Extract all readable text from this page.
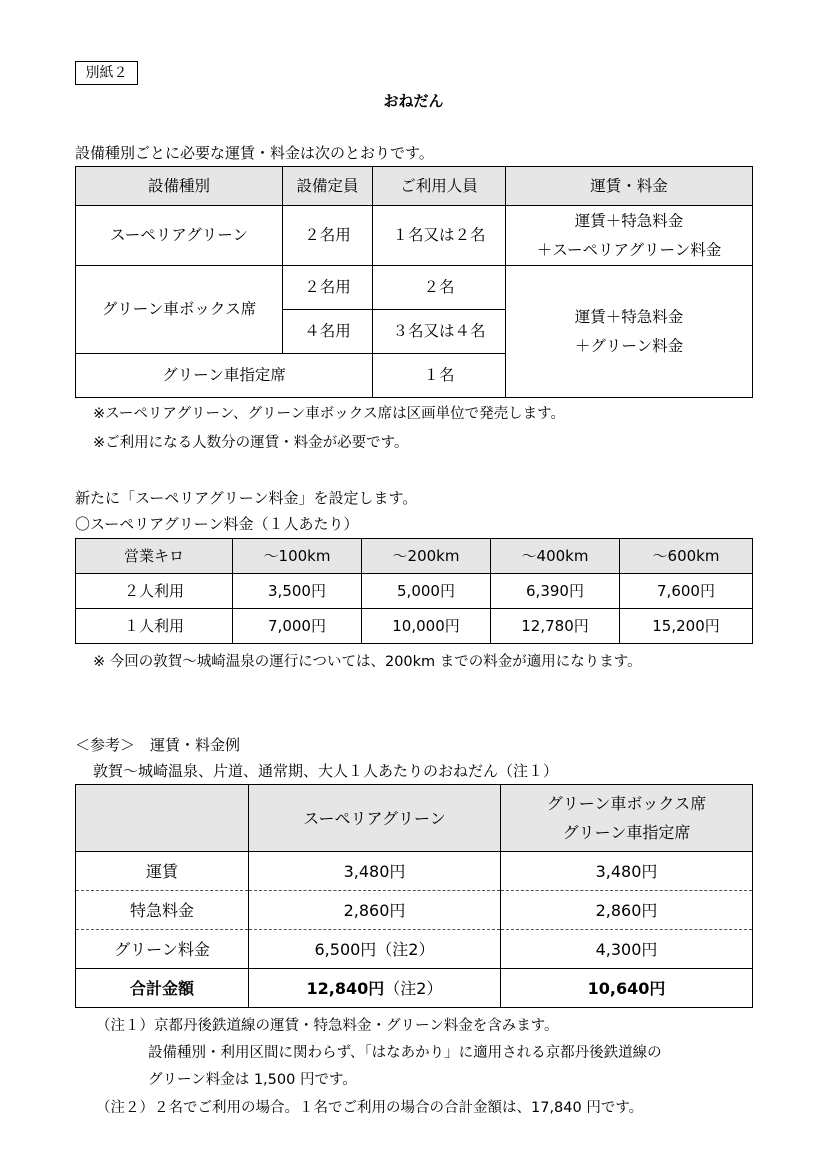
別紙２
おねだん
設備種別ごとに必要な運賃・料金は次のとおりです。
設備種別	設備定員	ご利用人員	運賃・料金
スーペリアグリーン	２名用	１名又は２名	運賃＋特急料金
＋スーペリアグリーン料金

グリーン車ボックス席	２名用	２名	運賃＋特急料金
＋グリーン料金

	４名用	３名又は４名	
グリーン車指定席		１名	
※スーペリアグリーン、グリーン車ボックス席は区画単位で発売します。
※ご利用になる人数分の運賃・料金が必要です。
新たに「スーペリアグリーン料金」を設定します。
〇スーペリアグリーン料金（１人あたり）
営業キロ	～100km	～200km	～400km	～600km
２人利用	3,500円	5,000円	6,390円	7,600円
１人利用	7,000円	10,000円	12,780円	15,200円
※ 今回の敦賀～城崎温泉の運行については、200km までの料金が適用になります。
＜参考＞　運賃・料金例
敦賀～城崎温泉、片道、通常期、大人１人あたりのおねだん（注１）
	スーペリアグリーン	グリーン車ボックス席
グリーン車指定席

運賃	3,480円	3,480円
特急料金	2,860円	2,860円
グリーン料金	6,500円（注2）	4,300円
合計金額	12,840円（注2）	10,640円
（注１）京都丹後鉄道線の運賃・特急料金・グリーン料金を含みます。
設備種別・利用区間に関わらず、「はなあかり」に適用される京都丹後鉄道線の
グリーン料金は 1,500 円です。
（注２）２名でご利用の場合。１名でご利用の場合の合計金額は、17,840 円です。
